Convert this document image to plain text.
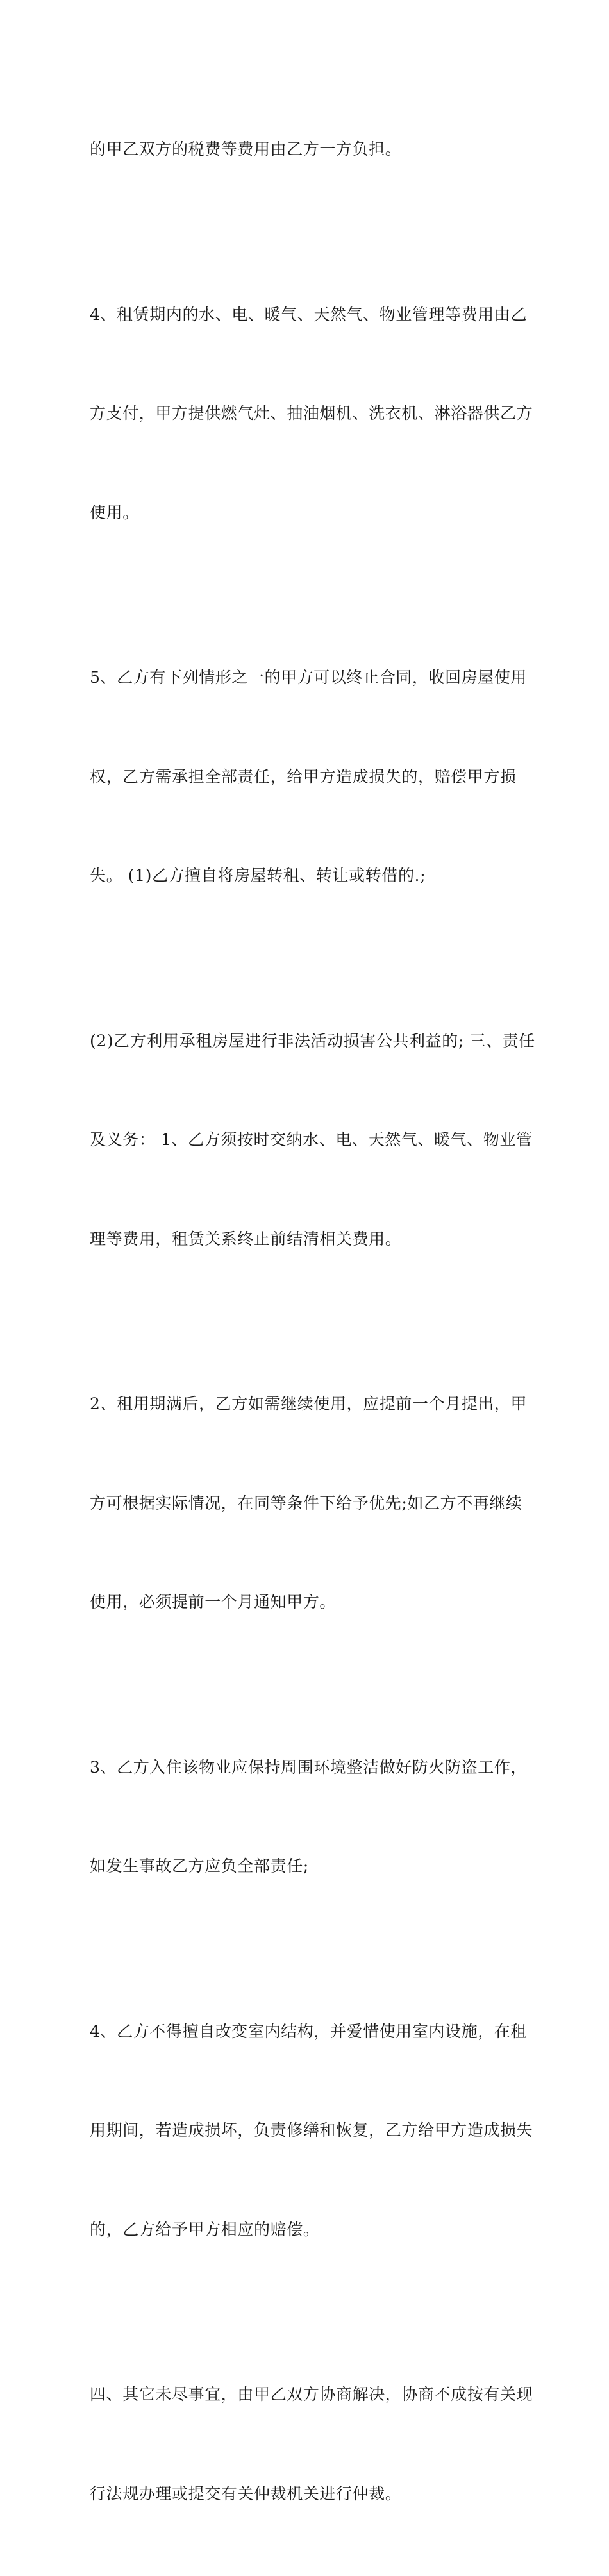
的甲乙双方的税费等费用由乙方一方负担。

4、租赁期内的水、电、暖气、天然气、物业管理等费用由乙

方支付，甲方提供燃气灶、抽油烟机、洗衣机、淋浴器供乙方

使用。

5、乙方有下列情形之一的甲方可以终止合同，收回房屋使用

权，乙方需承担全部责任，给甲方造成损失的，赔偿甲方损

失。 (1)乙方擅自将房屋转租、转让或转借的.;

(2)乙方利用承租房屋进行非法活动损害公共利益的; 三、责任

及义务： 1、乙方须按时交纳水、电、天然气、暖气、物业管

理等费用，租赁关系终止前结清相关费用。

2、租用期满后，乙方如需继续使用，应提前一个月提出，甲

方可根据实际情况，在同等条件下给予优先;如乙方不再继续

使用，必须提前一个月通知甲方。

3、乙方入住该物业应保持周围环境整洁做好防火防盗工作，

如发生事故乙方应负全部责任;

4、乙方不得擅自改变室内结构，并爱惜使用室内设施，在租

用期间，若造成损坏，负责修缮和恢复，乙方给甲方造成损失

的，乙方给予甲方相应的赔偿。

四、其它未尽事宜，由甲乙双方协商解决，协商不成按有关现

行法规办理或提交有关仲裁机关进行仲裁。
